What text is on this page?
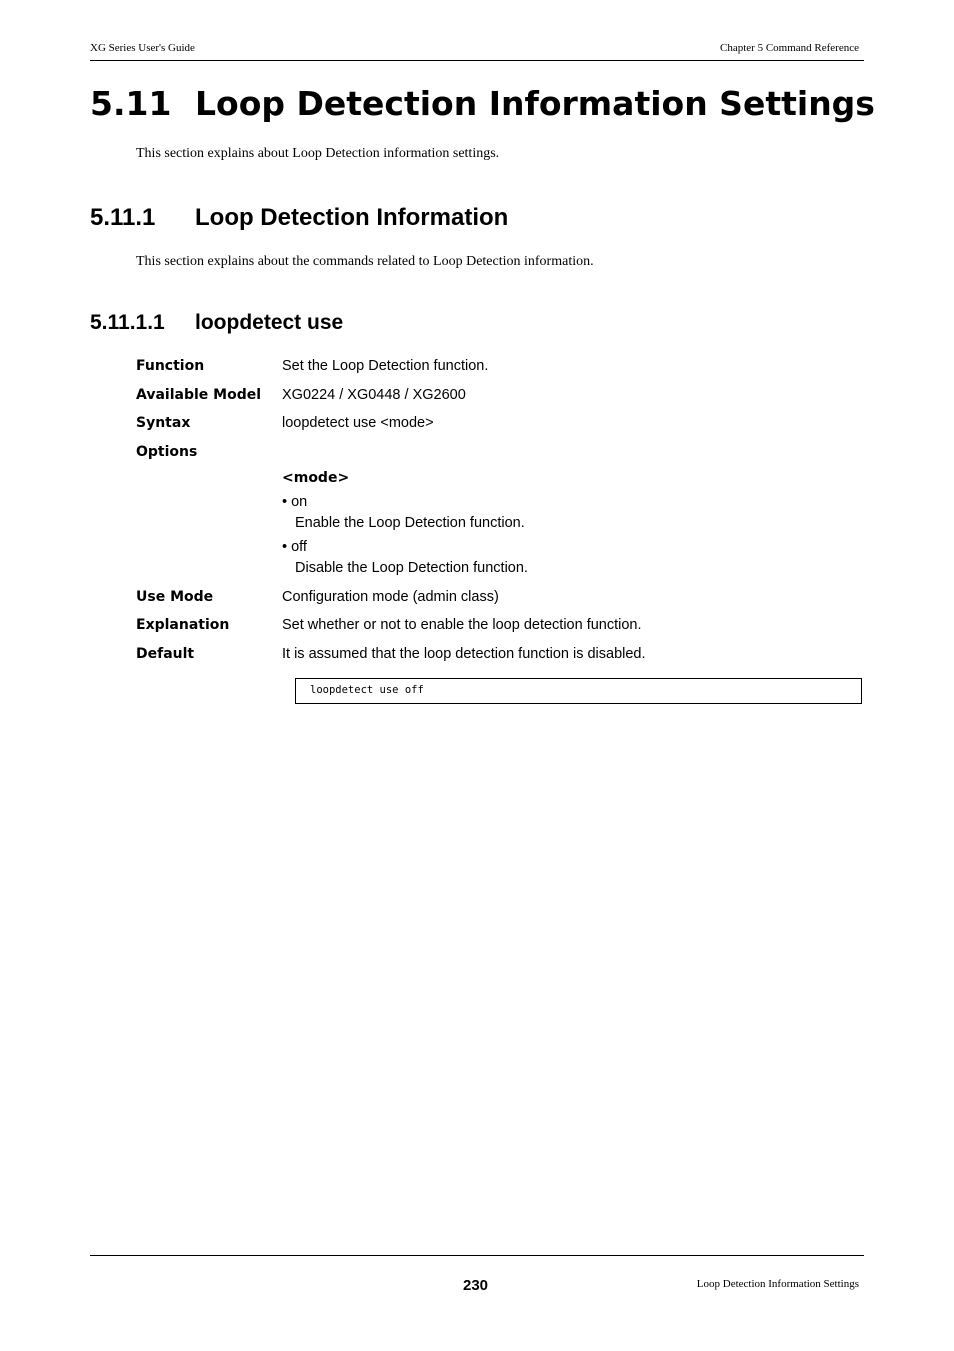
XG Series User's Guide	Chapter 5 Command Reference
5.11 Loop Detection Information Settings
This section explains about Loop Detection information settings.
5.11.1 Loop Detection Information
This section explains about the commands related to Loop Detection information.
5.11.1.1 loopdetect use
Function	Set the Loop Detection function.
Available Model XG0224 / XG0448 / XG2600
Syntax	loopdetect use <mode>
Options
<mode>
• on
Enable the Loop Detection function.
• off
Disable the Loop Detection function.
Use Mode	Configuration mode (admin class)
Explanation	Set whether or not to enable the loop detection function.
Default	It is assumed that the loop detection function is disabled.
loopdetect use off
230	Loop Detection Information Settings
